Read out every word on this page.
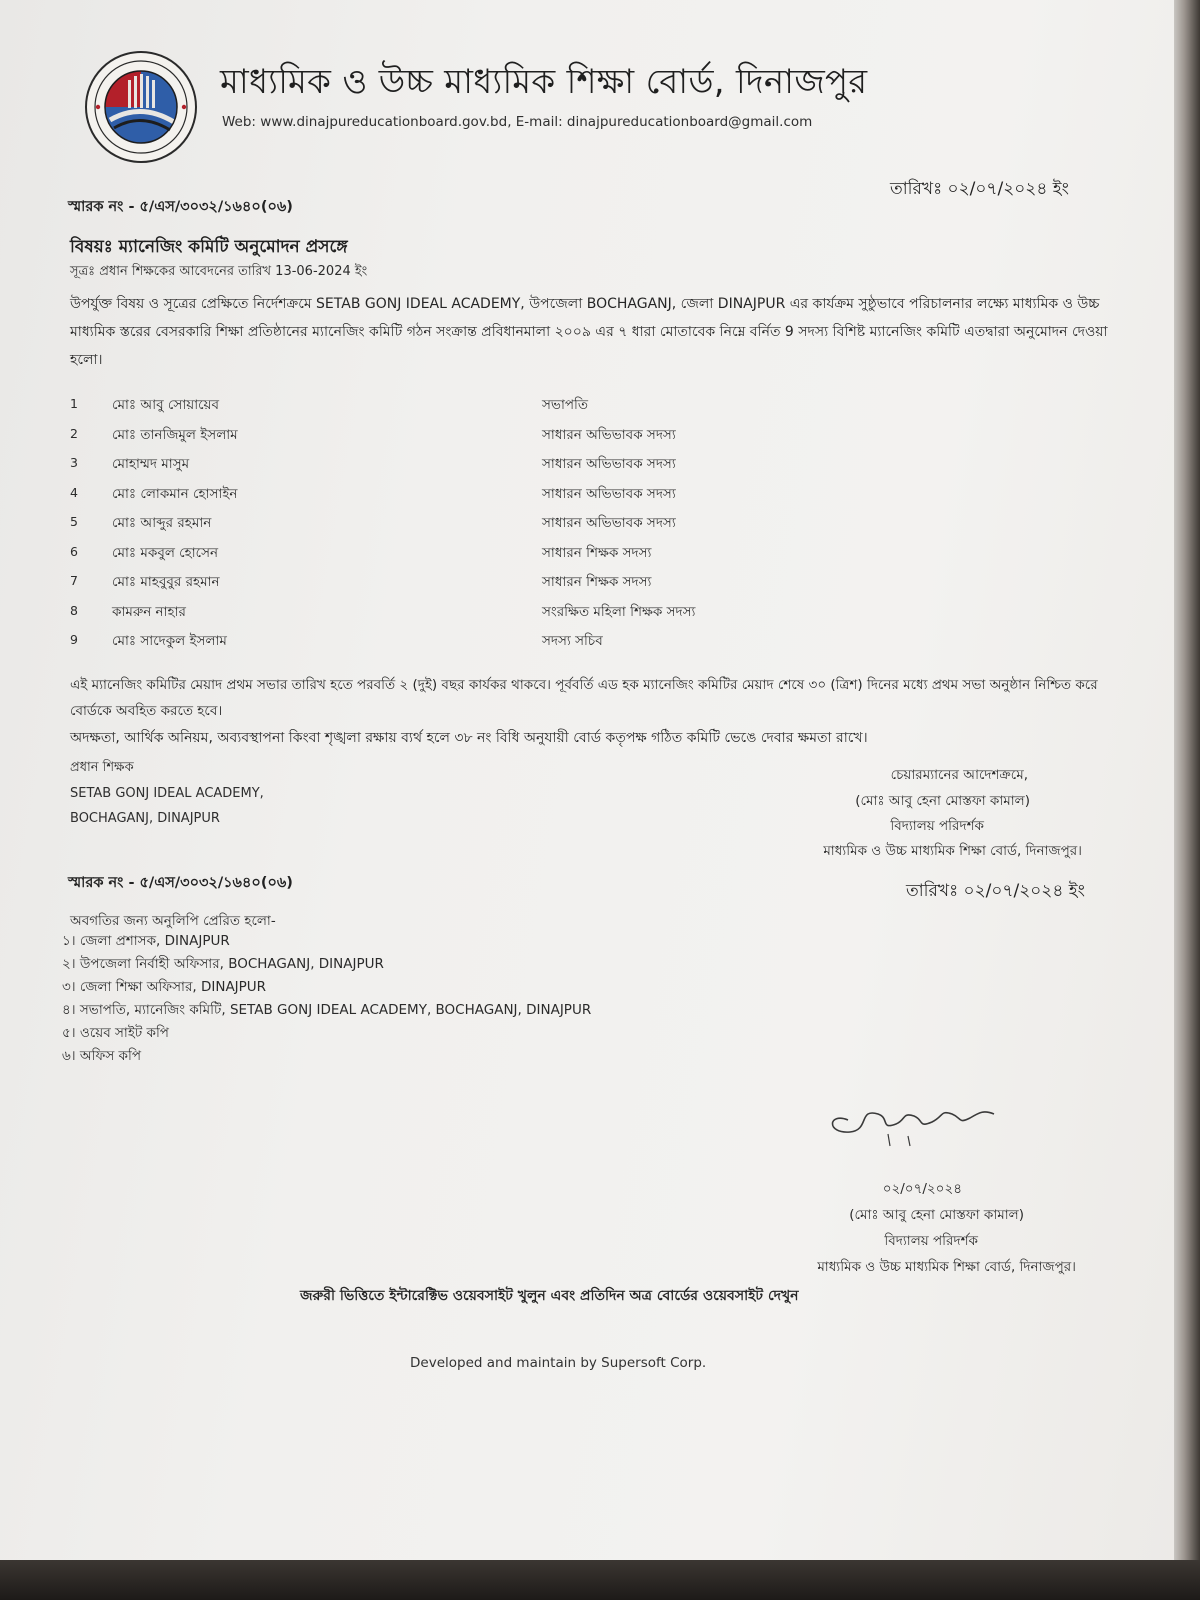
মাধ্যমিক ও উচ্চ মাধ্যমিক শিক্ষা বোর্ড, দিনাজপুর
Web: www.dinajpureducationboard.gov.bd, E-mail: dinajpureducationboard@gmail.com
স্মারক নং - ৫/এস/৩০৩২/১৬৪০(০৬)
তারিখঃ ০২/০৭/২০২৪ ইং
বিষয়ঃ ম্যানেজিং কমিটি অনুমোদন প্রসঙ্গে
সূত্রঃ প্রধান শিক্ষকের আবেদনের তারিখ 13-06-2024 ইং
উপর্যুক্ত বিষয় ও সূত্রের প্রেক্ষিতে নির্দেশক্রমে SETAB GONJ IDEAL ACADEMY, উপজেলা BOCHAGANJ, জেলা DINAJPUR এর কার্যক্রম সুষ্ঠুভাবে পরিচালনার লক্ষ্যে মাধ্যমিক ও উচ্চ মাধ্যমিক স্তরের বেসরকারি শিক্ষা প্রতিষ্ঠানের ম্যানেজিং কমিটি গঠন সংক্রান্ত প্রবিধানমালা ২০০৯ এর ৭ ধারা মোতাবেক নিম্নে বর্নিত 9 সদস্য বিশিষ্ট ম্যানেজিং কমিটি এতদ্বারা অনুমোদন দেওয়া হলো।
1	মোঃ আবু সোয়ায়েব	সভাপতি
2	মোঃ তানজিমুল ইসলাম	সাধারন অভিভাবক সদস্য
3	মোহাম্মদ মাসুম	সাধারন অভিভাবক সদস্য
4	মোঃ লোকমান হোসাইন	সাধারন অভিভাবক সদস্য
5	মোঃ আব্দুর রহমান	সাধারন অভিভাবক সদস্য
6	মোঃ মকবুল হোসেন	সাধারন শিক্ষক সদস্য
7	মোঃ মাহবুবুর রহমান	সাধারন শিক্ষক সদস্য
8	কামরুন নাহার	সংরক্ষিত মহিলা শিক্ষক সদস্য
9	মোঃ সাদেকুল ইসলাম	সদস্য সচিব
এই ম্যানেজিং কমিটির মেয়াদ প্রথম সভার তারিখ হতে পরবর্তি ২ (দুই) বছর কার্যকর থাকবে। পূর্ববর্তি এড হক ম্যানেজিং কমিটির মেয়াদ শেষে ৩০ (ত্রিশ) দিনের মধ্যে প্রথম সভা অনুষ্ঠান নিশ্চিত করে বোর্ডকে অবহিত করতে হবে।
অদক্ষতা, আর্থিক অনিয়ম, অব্যবস্থাপনা কিংবা শৃঙ্খলা রক্ষায় ব্যর্থ হলে ৩৮ নং বিধি অনুযায়ী বোর্ড কতৃপক্ষ গঠিত কমিটি ভেঙে দেবার ক্ষমতা রাখে।
প্রধান শিক্ষক
SETAB GONJ IDEAL ACADEMY,
BOCHAGANJ, DINAJPUR
চেয়ারম্যানের আদেশক্রমে,
(মোঃ আবু হেনা মোস্তফা কামাল)
বিদ্যালয় পরিদর্শক
মাধ্যমিক ও উচ্চ মাধ্যমিক শিক্ষা বোর্ড, দিনাজপুর।
স্মারক নং - ৫/এস/৩০৩২/১৬৪০(০৬)	তারিখঃ ০২/০৭/২০২৪ ইং
অবগতির জন্য অনুলিপি প্রেরিত হলো-
১। জেলা প্রশাসক, DINAJPUR
২। উপজেলা নির্বাহী অফিসার, BOCHAGANJ, DINAJPUR
৩। জেলা শিক্ষা অফিসার, DINAJPUR
৪। সভাপতি, ম্যানেজিং কমিটি, SETAB GONJ IDEAL ACADEMY, BOCHAGANJ, DINAJPUR
৫। ওয়েব সাইট কপি
৬। অফিস কপি
০২/০৭/২০২৪
(মোঃ আবু হেনা মোস্তফা কামাল)
বিদ্যালয় পরিদর্শক
মাধ্যমিক ও উচ্চ মাধ্যমিক শিক্ষা বোর্ড, দিনাজপুর।
জরুরী ভিত্তিতে ইন্টারেক্টিভ ওয়েবসাইট খুলুন এবং প্রতিদিন অত্র বোর্ডের ওয়েবসাইট দেখুন
Developed and maintain by Supersoft Corp.
